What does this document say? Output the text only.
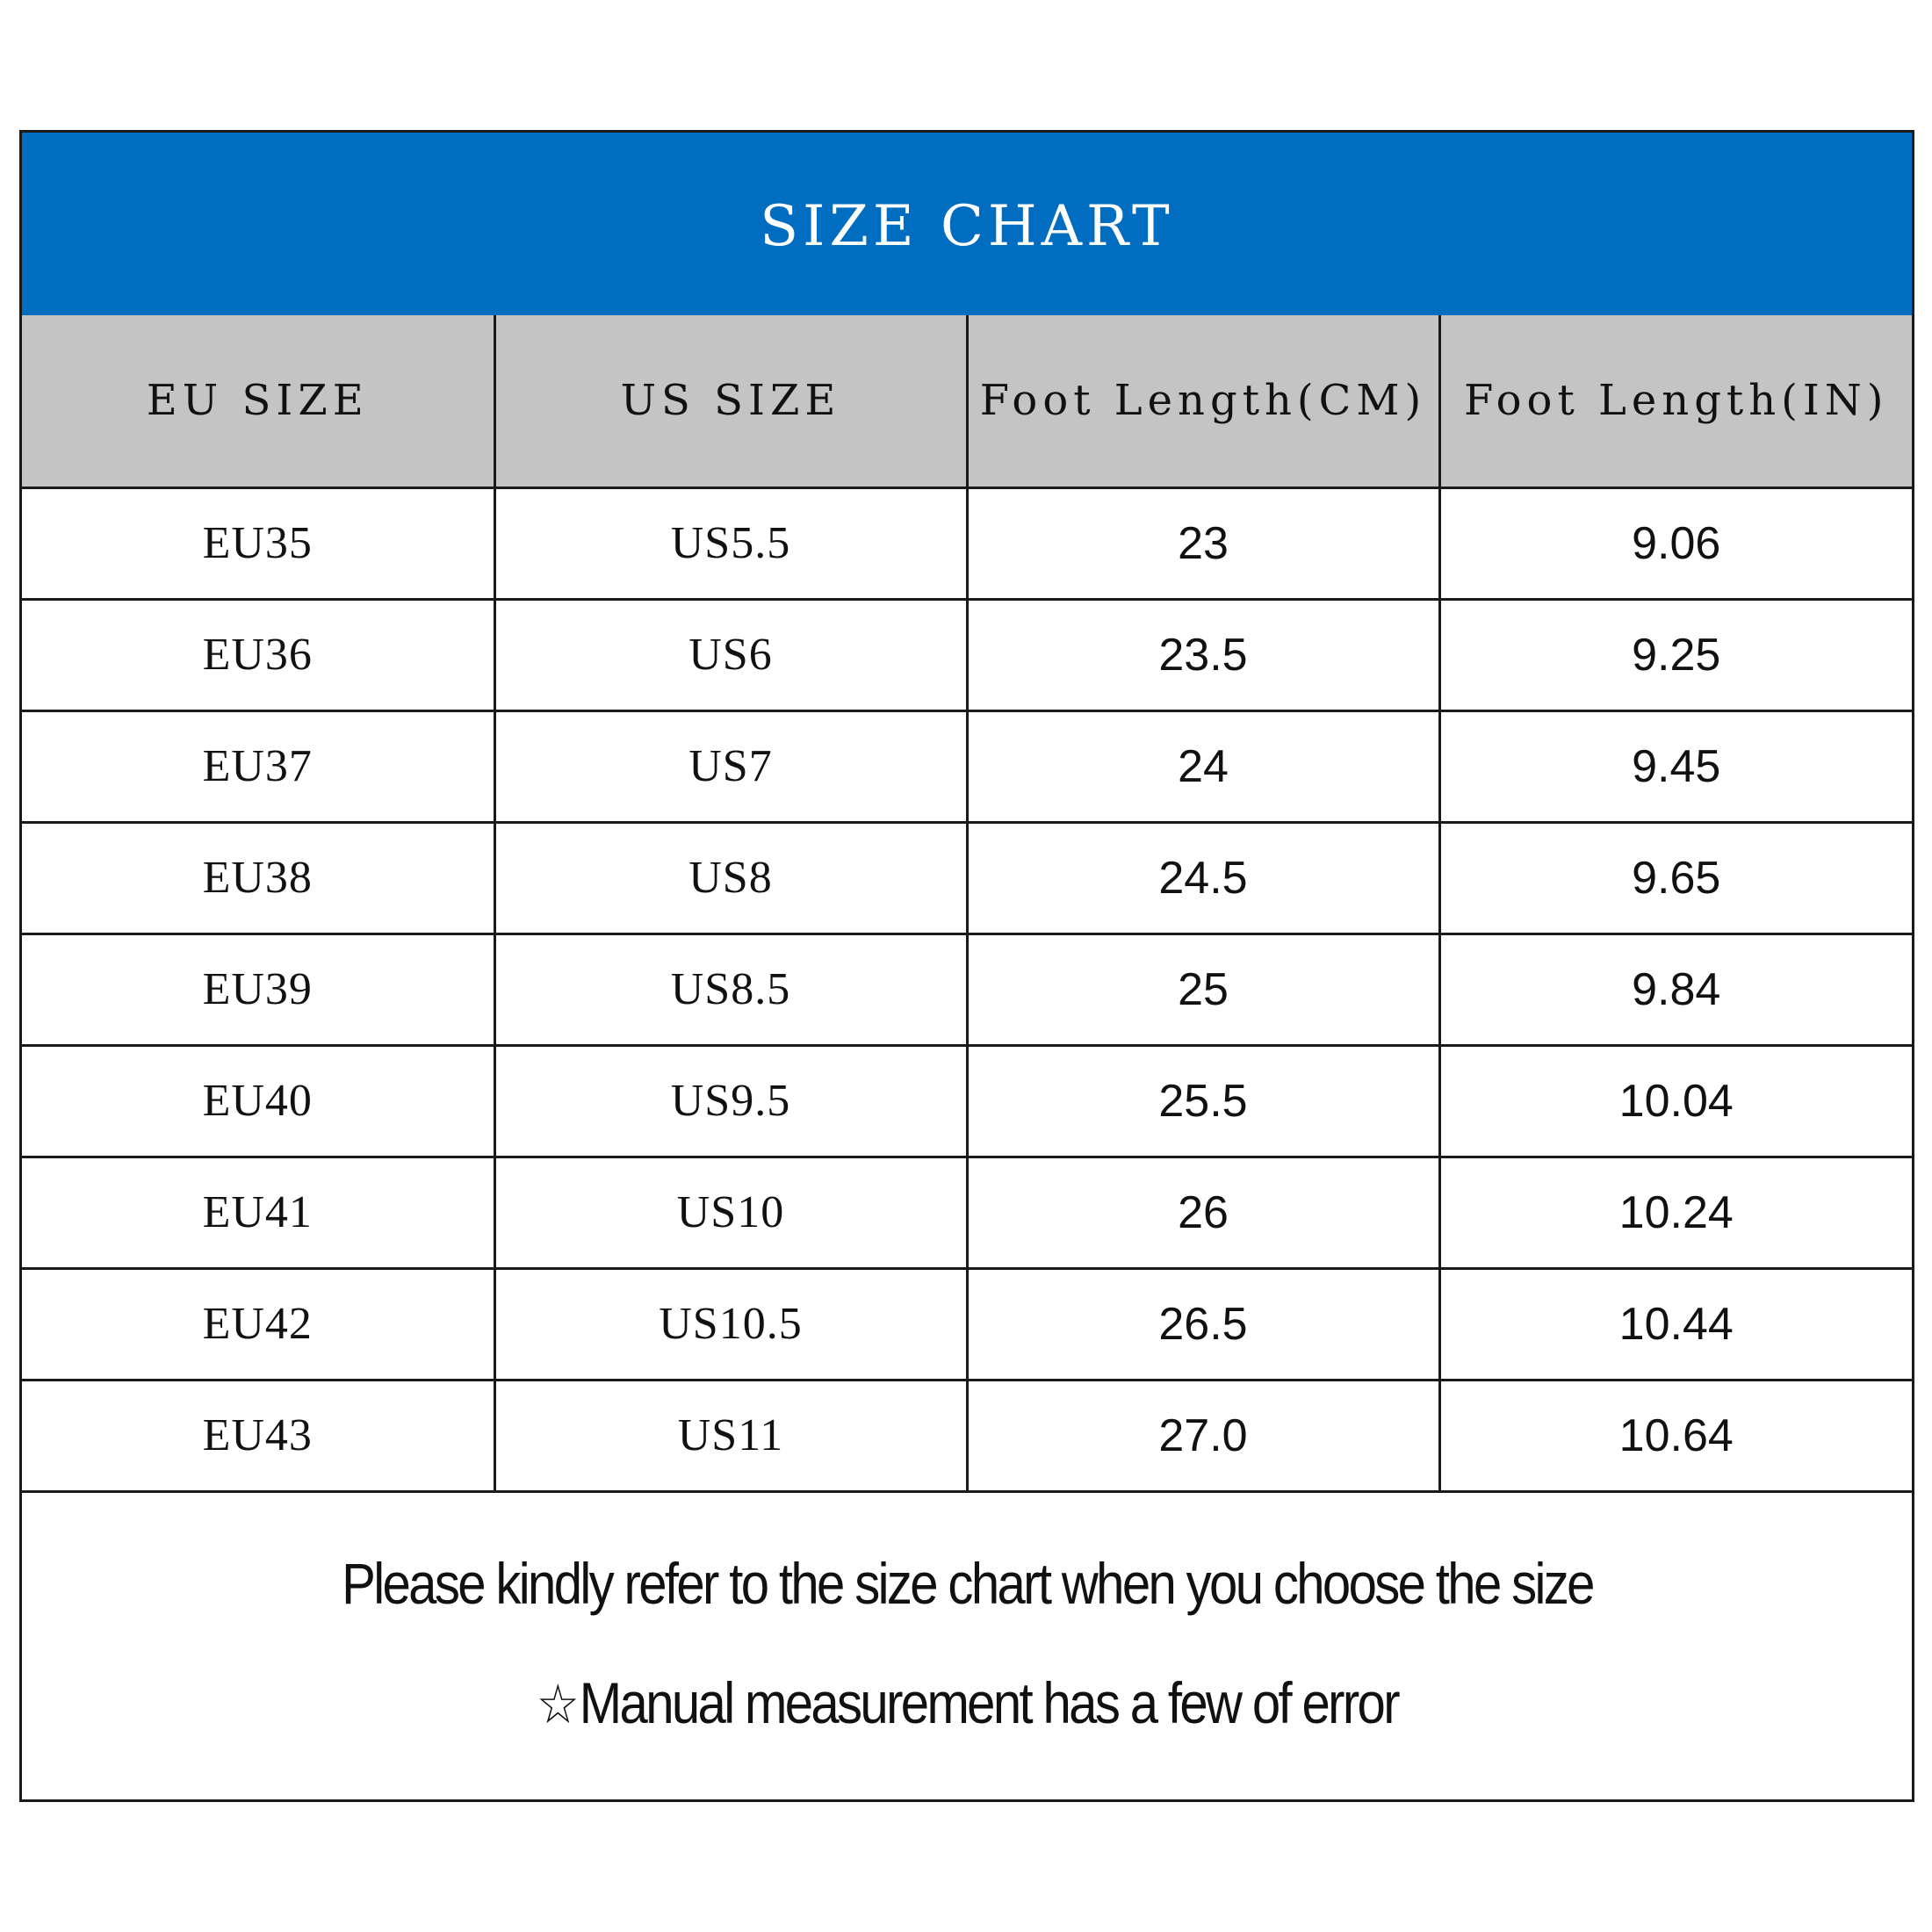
SIZE CHART
EU SIZE	US SIZE	Foot Length(CM)	Foot Length(IN)
EU35	US5.5	23	9.06
EU36	US6	23.5	9.25
EU37	US7	24	9.45
EU38	US8	24.5	9.65
EU39	US8.5	25	9.84
EU40	US9.5	25.5	10.04
EU41	US10	26	10.24
EU42	US10.5	26.5	10.44
EU43	US11	27.0	10.64
Please kindly refer to the size chart when you choose the size
☆Manual measurement has a few of error
